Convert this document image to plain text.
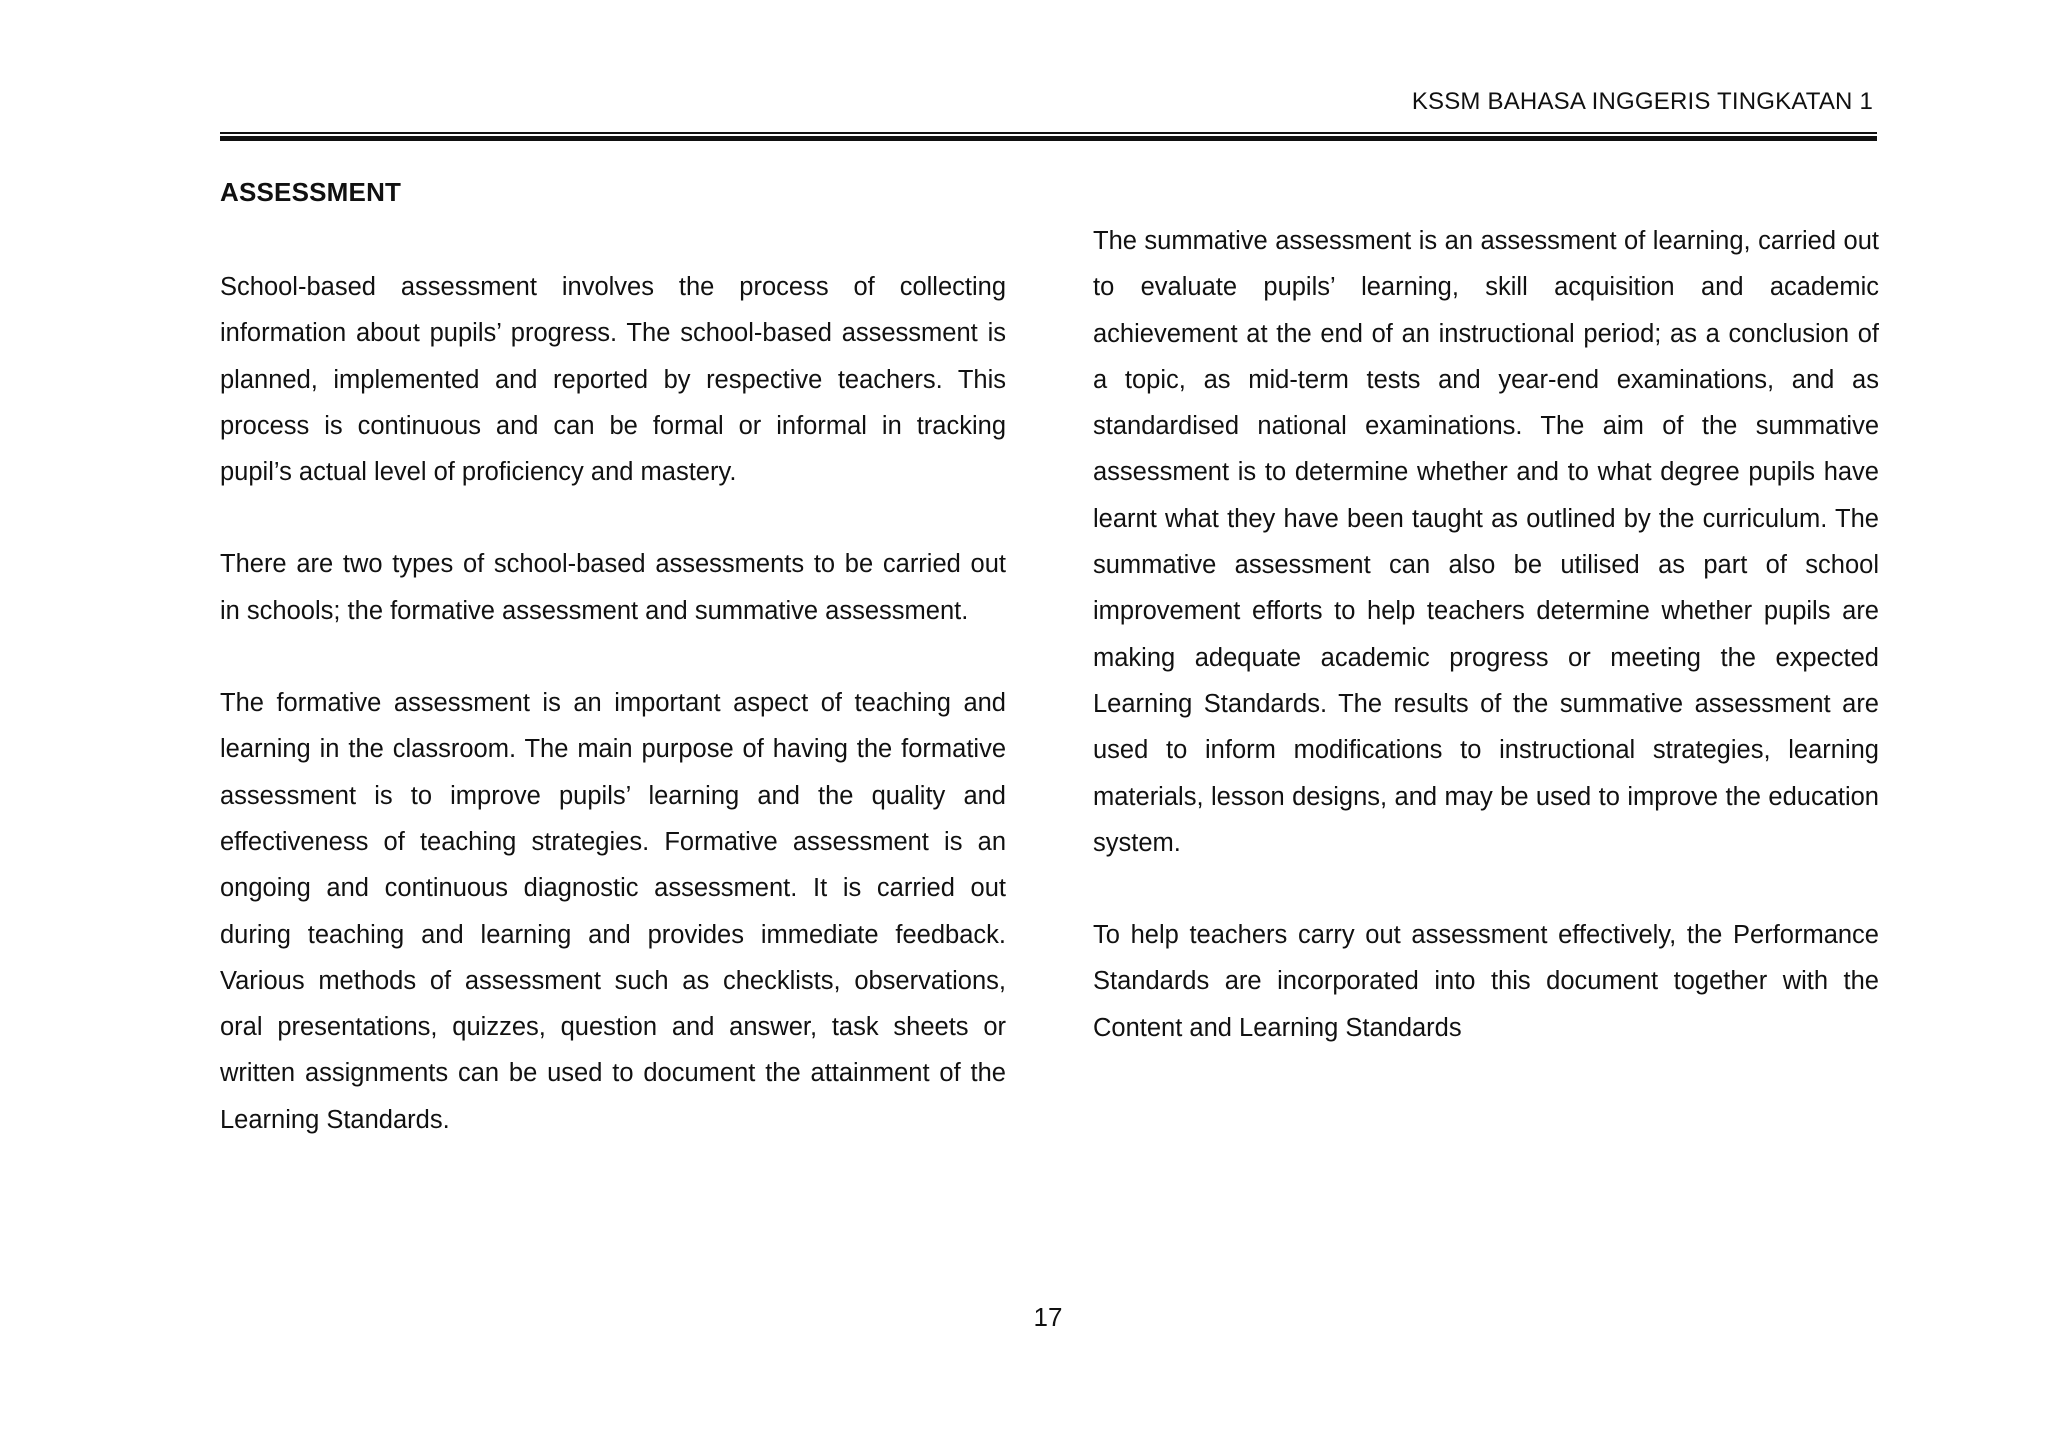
KSSM BAHASA INGGERIS TINGKATAN 1
ASSESSMENT

School-based assessment involves the process of collecting information about pupils’ progress. The school-based assessment is planned, implemented and reported by respective teachers. This process is continuous and can be formal or informal in tracking pupil’s actual level of proficiency and mastery.

There are two types of school-based assessments to be carried out in schools; the formative assessment and summative assessment.

The formative assessment is an important aspect of teaching and learning in the classroom. The main purpose of having the formative assessment is to improve pupils’ learning and the quality and effectiveness of teaching strategies. Formative assessment is an ongoing and continuous diagnostic assessment. It is carried out during teaching and learning and provides immediate feedback. Various methods of assessment such as checklists, observations, oral presentations, quizzes, question and answer, task sheets or written assignments can be used to document the attainment of the Learning Standards.

The summative assessment is an assessment of learning, carried out to evaluate pupils’ learning, skill acquisition and academic achievement at the end of an instructional period; as a conclusion of a topic, as mid-term tests and year-end examinations, and as standardised national examinations. The aim of the summative assessment is to determine whether and to what degree pupils have learnt what they have been taught as outlined by the curriculum. The summative assessment can also be utilised as part of school improvement efforts to help teachers determine whether pupils are making adequate academic progress or meeting the expected Learning Standards. The results of the summative assessment are used to inform modifications to instructional strategies, learning materials, lesson designs, and may be used to improve the education system.

To help teachers carry out assessment effectively, the Performance Standards are incorporated into this document together with the Content and Learning Standards

17
